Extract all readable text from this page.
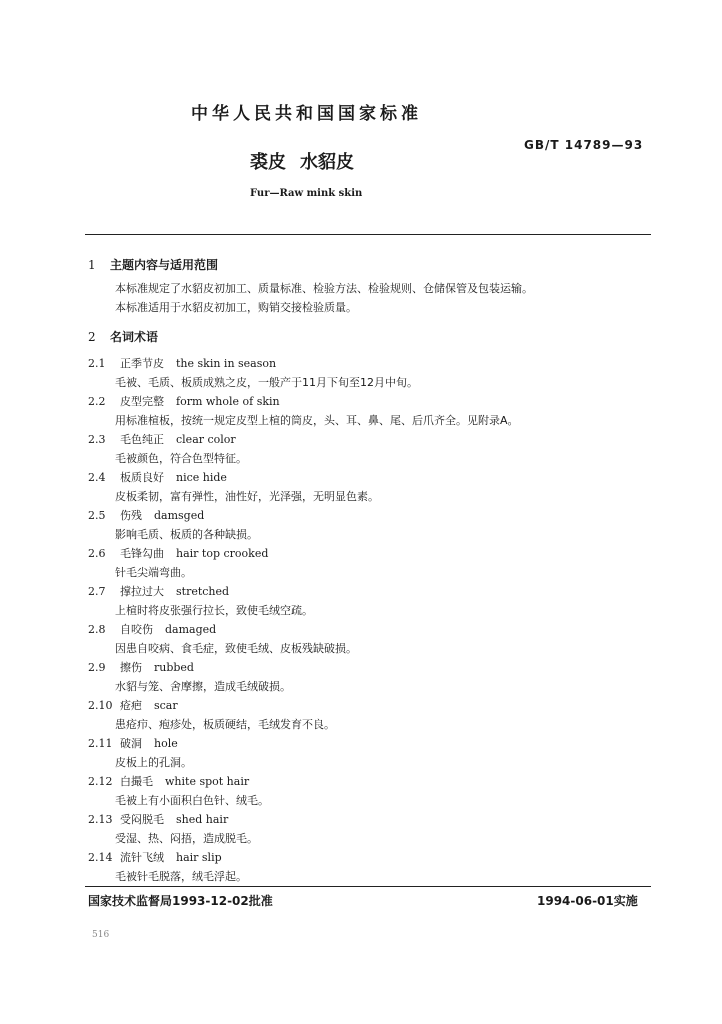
中华人民共和国国家标准
GB/T 14789—93
裘皮 水貂皮
Fur—Raw mink skin
1 主题内容与适用范围
本标准规定了水貂皮初加工、质量标准、检验方法、检验规则、仓储保管及包装运输。
本标准适用于水貂皮初加工，购销交接检验质量。
2 名词术语
2.1 正季节皮 the skin in season
毛被、毛质、板质成熟之皮，一般产于11月下旬至12月中旬。
2.2 皮型完整 form whole of skin
用标准楦板，按统一规定皮型上楦的筒皮，头、耳、鼻、尾、后爪齐全。见附录A。
2.3 毛色纯正 clear color
毛被颜色，符合色型特征。
2.4 板质良好 nice hide
皮板柔韧，富有弹性，油性好，光泽强，无明显色素。
2.5 伤残 damsged
影响毛质、板质的各种缺损。
2.6 毛锋勾曲 hair top crooked
针毛尖端弯曲。
2.7 撑拉过大 stretched
上楦时将皮张强行拉长，致使毛绒空疏。
2.8 自咬伤 damaged
因患自咬病、食毛症，致使毛绒、皮板残缺破损。
2.9 擦伤 rubbed
水貂与笼、舍摩擦，造成毛绒破损。
2.10 疮疤 scar
患疮疖、疱疹处，板质硬结，毛绒发育不良。
2.11 破洞 hole
皮板上的孔洞。
2.12 白撮毛 white spot hair
毛被上有小面积白色针、绒毛。
2.13 受闷脱毛 shed hair
受湿、热、闷捂，造成脱毛。
2.14 流针飞绒 hair slip
毛被针毛脱落，绒毛浮起。
国家技术监督局1993-12-02批准	1994-06-01实施
516
